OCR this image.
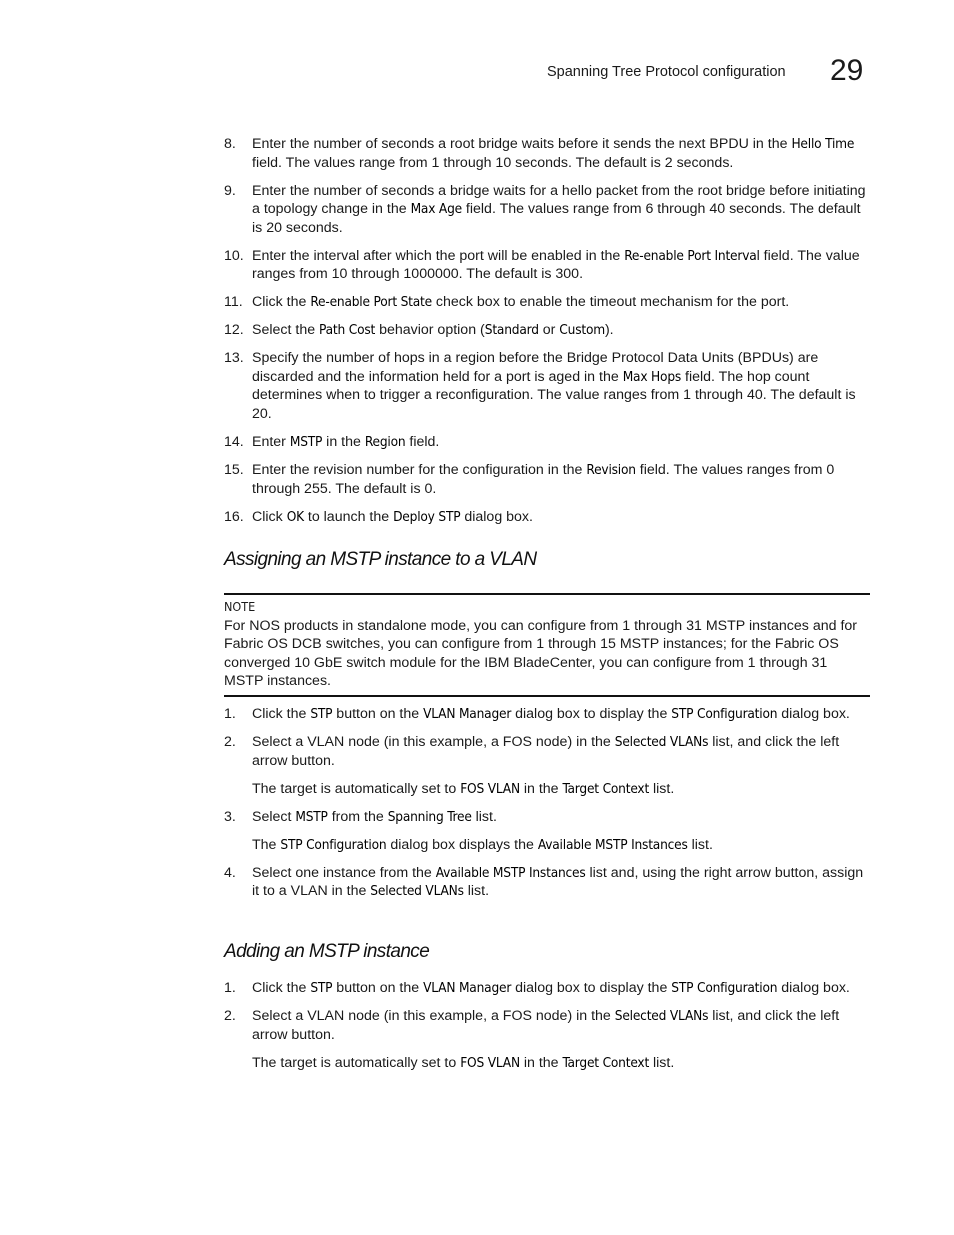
Spanning Tree Protocol configuration 29
8.	Enter the number of seconds a root bridge waits before it sends the next BPDU in the Hello Time field. The values range from 1 through 10 seconds. The default is 2 seconds.
9.	Enter the number of seconds a bridge waits for a hello packet from the root bridge before initiating a topology change in the Max Age field. The values range from 6 through 40 seconds. The default is 20 seconds.
10. Enter the interval after which the port will be enabled in the Re-enable Port Interval field. The value ranges from 10 through 1000000. The default is 300.
11. Click the Re-enable Port State check box to enable the timeout mechanism for the port.
12. Select the Path Cost behavior option (Standard or Custom).
13. Specify the number of hops in a region before the Bridge Protocol Data Units (BPDUs) are discarded and the information held for a port is aged in the Max Hops field. The hop count determines when to trigger a reconfiguration. The value ranges from 1 through 40. The default is 20.
14. Enter MSTP in the Region field.
15. Enter the revision number for the configuration in the Revision field. The values ranges from 0 through 255. The default is 0.
16. Click OK to launch the Deploy STP dialog box.
Assigning an MSTP instance to a VLAN
NOTE
For NOS products in standalone mode, you can configure from 1 through 31 MSTP instances and for Fabric OS DCB switches, you can configure from 1 through 15 MSTP instances; for the Fabric OS converged 10 GbE switch module for the IBM BladeCenter, you can configure from 1 through 31 MSTP instances.
1.	Click the STP button on the VLAN Manager dialog box to display the STP Configuration dialog box.
2.	Select a VLAN node (in this example, a FOS node) in the Selected VLANs list, and click the left arrow button.
The target is automatically set to FOS VLAN in the Target Context list.
3.	Select MSTP from the Spanning Tree list.
The STP Configuration dialog box displays the Available MSTP Instances list.
4.	Select one instance from the Available MSTP Instances list and, using the right arrow button, assign it to a VLAN in the Selected VLANs list.
Adding an MSTP instance
1.	Click the STP button on the VLAN Manager dialog box to display the STP Configuration dialog box.
2.	Select a VLAN node (in this example, a FOS node) in the Selected VLANs list, and click the left arrow button.
The target is automatically set to FOS VLAN in the Target Context list.
